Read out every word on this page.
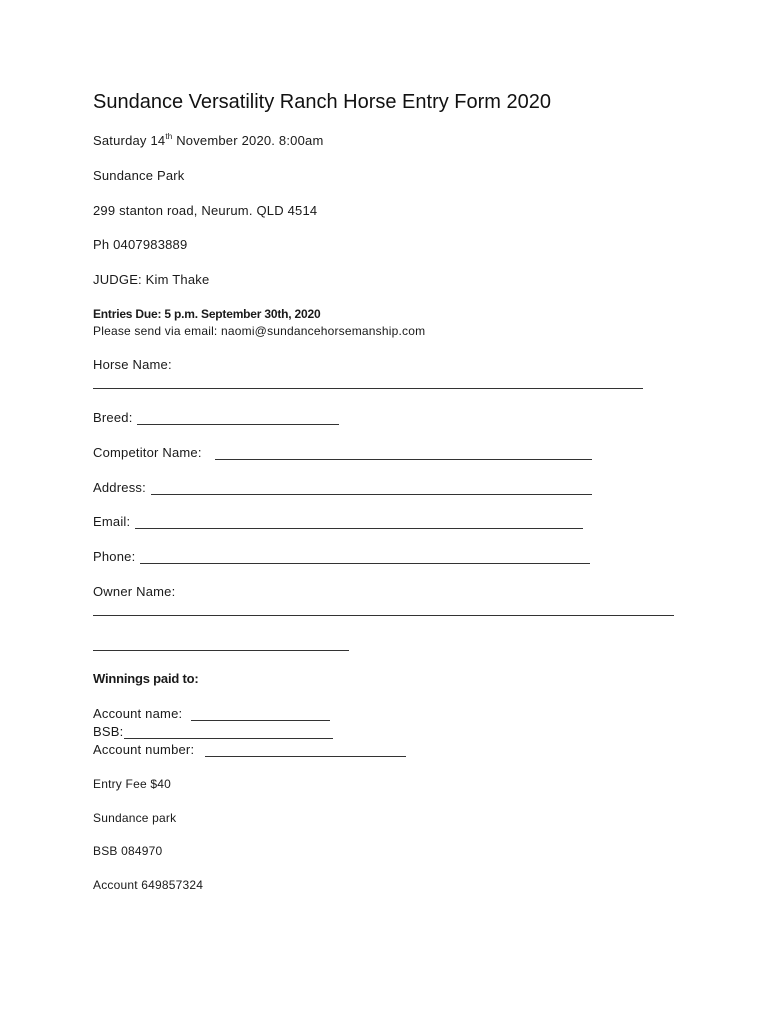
Sundance Versatility Ranch Horse Entry Form 2020
Saturday 14th November 2020. 8:00am
Sundance Park
299 stanton road, Neurum. QLD 4514
Ph 0407983889
JUDGE: Kim Thake
Entries Due: 5 p.m. September 30th, 2020
Please send via email: naomi@sundancehorsemanship.com
Horse Name:
Breed:
Competitor Name:
Address:
Email:
Phone:
Owner Name:
Winnings paid to:
Account name:
BSB:
Account number:
Entry Fee $40
Sundance park
BSB 084970
Account 649857324
